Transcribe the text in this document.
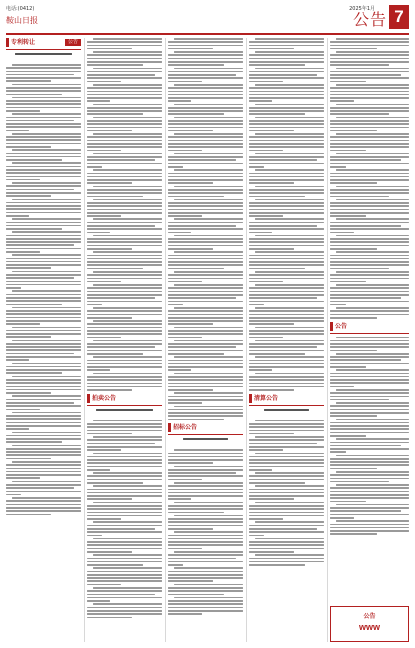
电话:(0412)
鞍山日报
2025年1月
公告 7
专利转让	公告
拍卖公告
招标公告
清算公告
公告
公告
www
